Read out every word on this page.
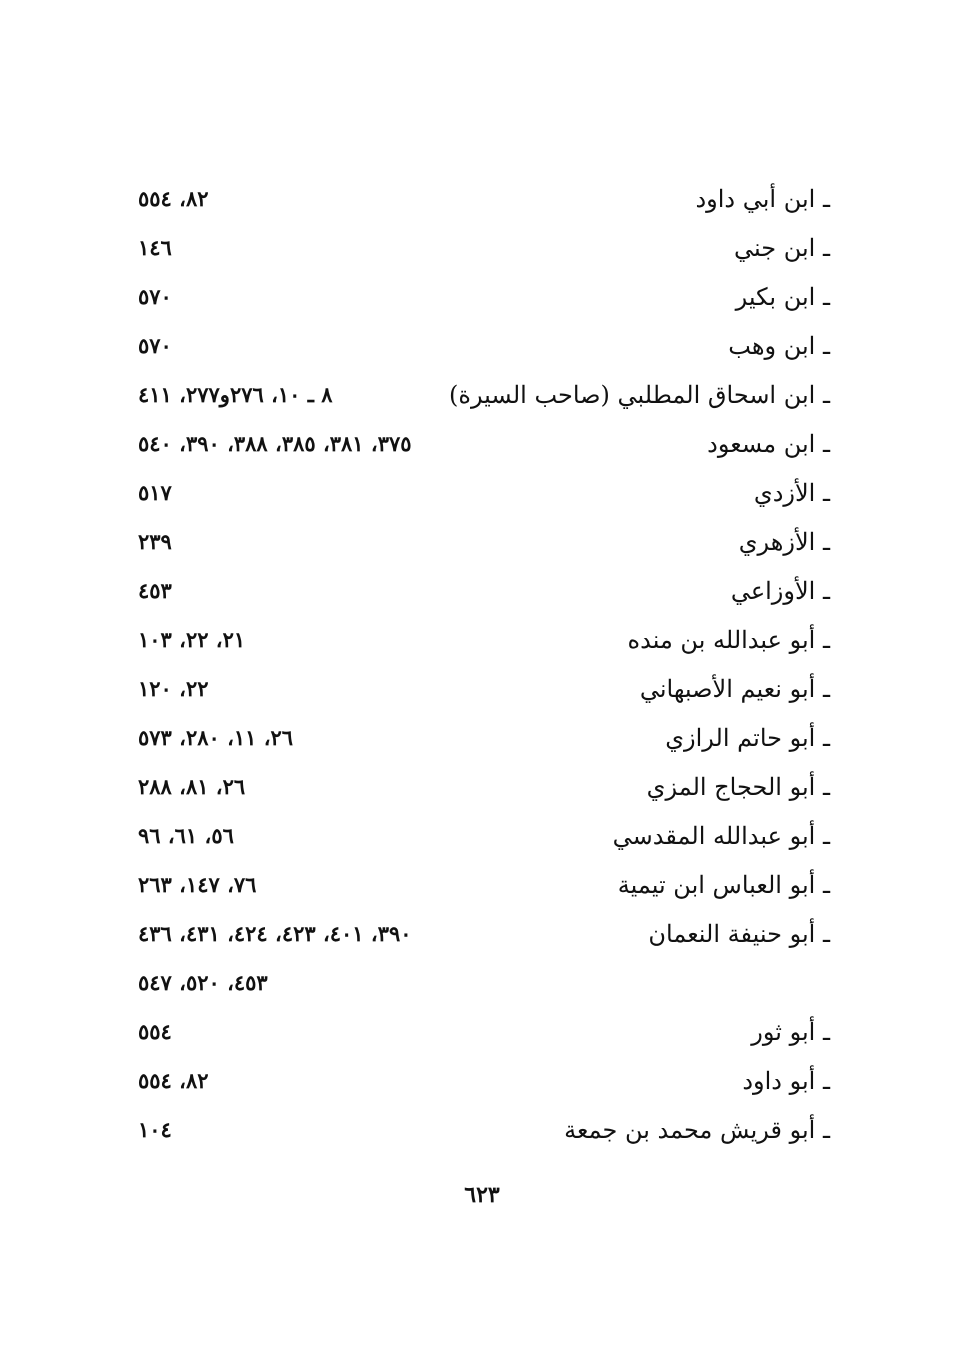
ـ ابن أبي داود
٨٢، ٥٥٤
ـ ابن جني
١٤٦
ـ ابن بكير
٥٧٠
ـ ابن وهب
٥٧٠
ـ ابن اسحاق المطلبي (صاحب السيرة)
٨ ـ ١٠، ٢٧٦و٢٧٧، ٤١١
ـ ابن مسعود
٣٧٥، ٣٨١، ٣٨٥، ٣٨٨، ٣٩٠، ٥٤٠
ـ الأزدي
٥١٧
ـ الأزهري
٢٣٩
ـ الأوزاعي
٤٥٣
ـ أبو عبدالله بن منده
٢١، ٢٢، ١٠٣
ـ أبو نعيم الأصبهاني
٢٢، ١٢٠
ـ أبو حاتم الرازي
٢٦، ١١، ٢٨٠، ٥٧٣
ـ أبو الحجاج المزي
٢٦، ٨١، ٢٨٨
ـ أبو عبدالله المقدسي
٥٦، ٦١، ٩٦
ـ أبو العباس ابن تيمية
٧٦، ١٤٧، ٢٦٣
ـ أبو حنيفة النعمان
٣٩٠، ٤٠١، ٤٢٣، ٤٢٤، ٤٣١، ٤٣٦
٤٥٣، ٥٢٠، ٥٤٧
ـ أبو ثور
٥٥٤
ـ أبو داود
٨٢، ٥٥٤
ـ أبو قريش محمد بن جمعة
١٠٤
٦٢٣
